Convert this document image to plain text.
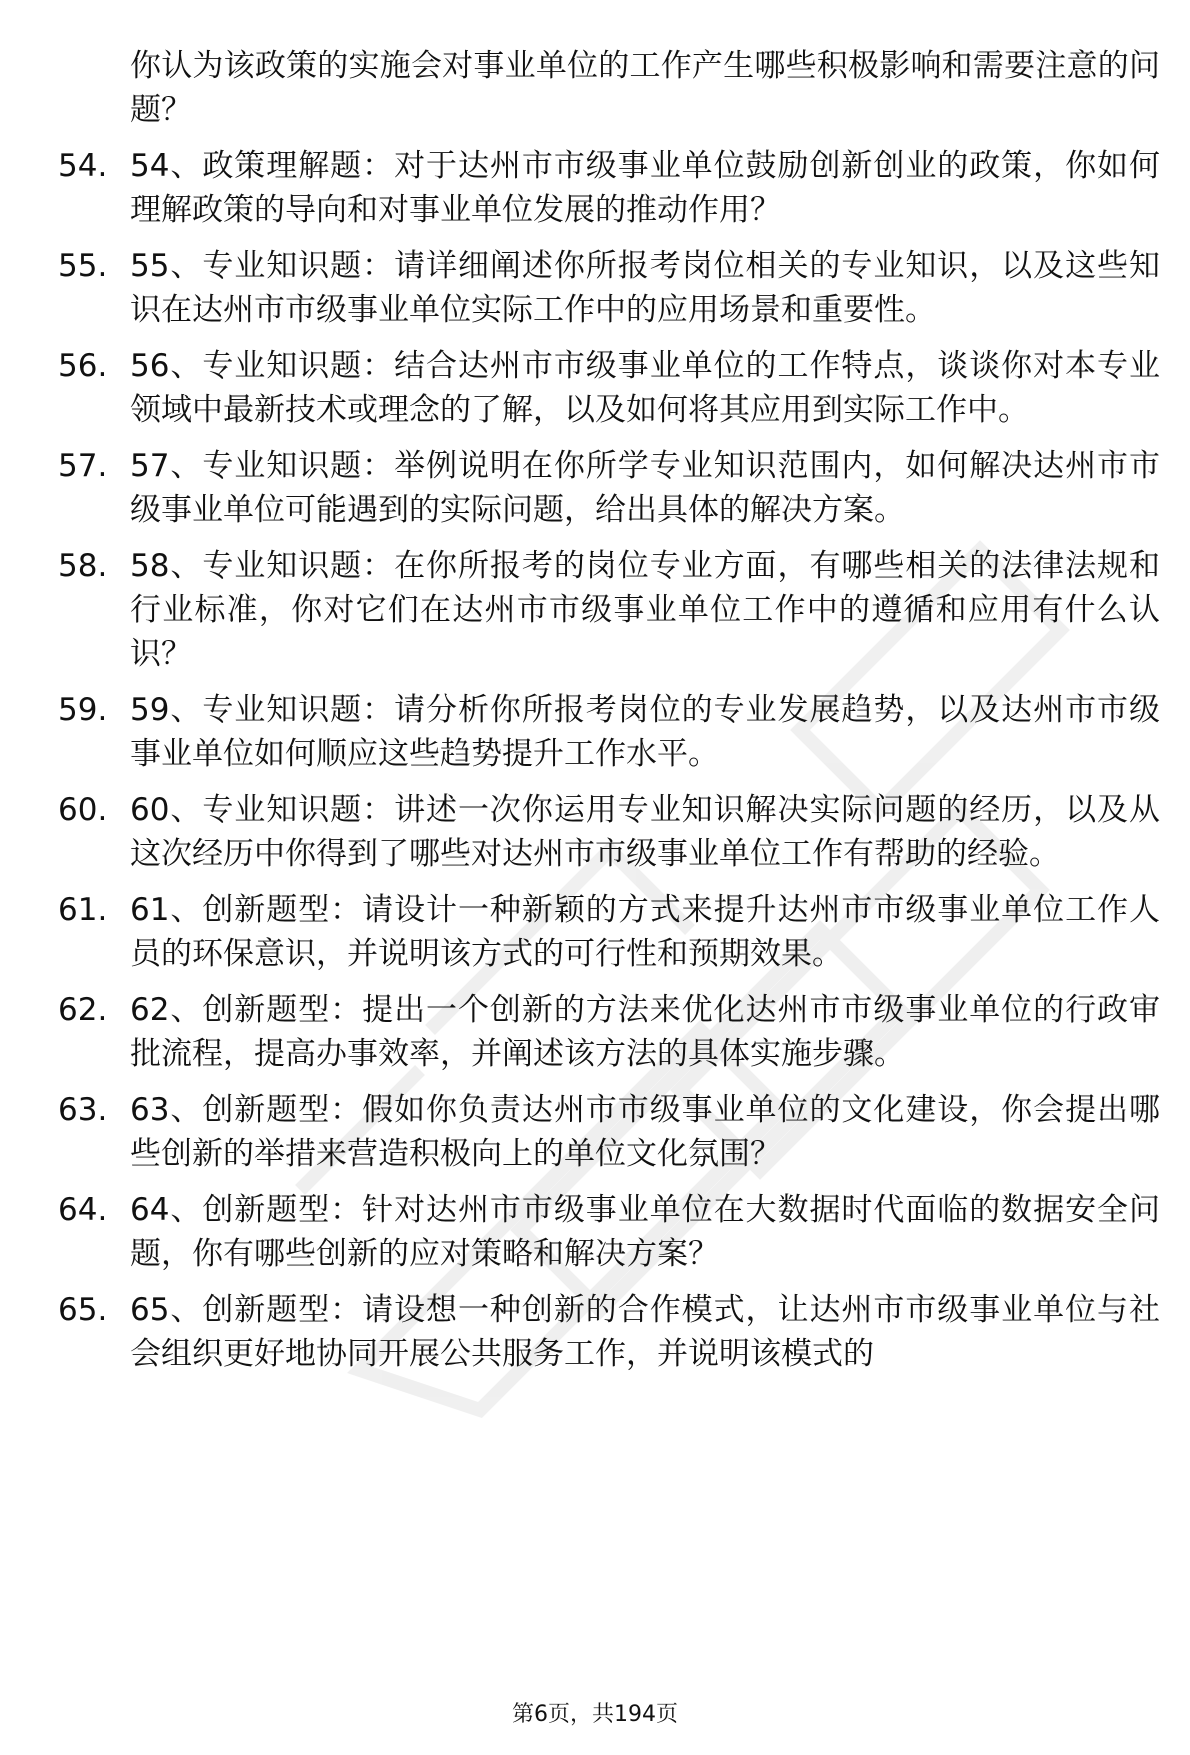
你认为该政策的实施会对事业单位的工作产生哪些积极影响和需要注意的问题？
54. 54、政策理解题：对于达州市市级事业单位鼓励创新创业的政策，你如何理解政策的导向和对事业单位发展的推动作用？
55. 55、专业知识题：请详细阐述你所报考岗位相关的专业知识，以及这些知识在达州市市级事业单位实际工作中的应用场景和重要性。
56. 56、专业知识题：结合达州市市级事业单位的工作特点，谈谈你对本专业领域中最新技术或理念的了解，以及如何将其应用到实际工作中。
57. 57、专业知识题：举例说明在你所学专业知识范围内，如何解决达州市市级事业单位可能遇到的实际问题，给出具体的解决方案。
58. 58、专业知识题：在你所报考的岗位专业方面，有哪些相关的法律法规和行业标准，你对它们在达州市市级事业单位工作中的遵循和应用有什么认识？
59. 59、专业知识题：请分析你所报考岗位的专业发展趋势，以及达州市市级事业单位如何顺应这些趋势提升工作水平。
60. 60、专业知识题：讲述一次你运用专业知识解决实际问题的经历，以及从这次经历中你得到了哪些对达州市市级事业单位工作有帮助的经验。
61. 61、创新题型：请设计一种新颖的方式来提升达州市市级事业单位工作人员的环保意识，并说明该方式的可行性和预期效果。
62. 62、创新题型：提出一个创新的方法来优化达州市市级事业单位的行政审批流程，提高办事效率，并阐述该方法的具体实施步骤。
63. 63、创新题型：假如你负责达州市市级事业单位的文化建设，你会提出哪些创新的举措来营造积极向上的单位文化氛围？
64. 64、创新题型：针对达州市市级事业单位在大数据时代面临的数据安全问题，你有哪些创新的应对策略和解决方案？
65. 65、创新题型：请设想一种创新的合作模式，让达州市市级事业单位与社会组织更好地协同开展公共服务工作，并说明该模式的
第6页，共194页
